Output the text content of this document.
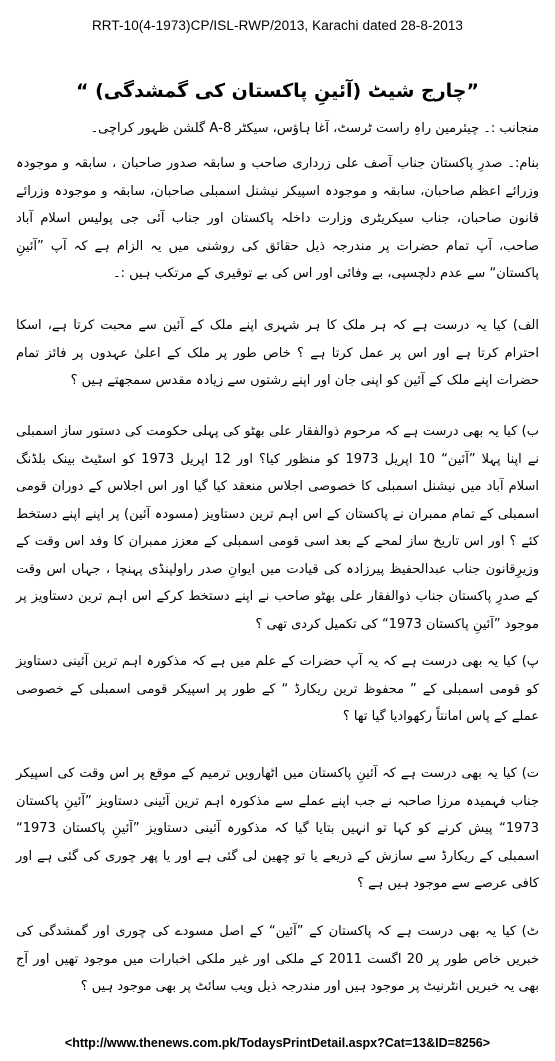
RRT-10(4-1973)CP/ISL-RWP/2013, Karachi dated 28-8-2013
”چارج شیٹ (آئینِ پاکستان کی گمشدگی) “
منجانب :۔ چیئرمین راہِ راست ٹرسٹ، آغا ہاؤس، سیکٹر 8-A گلشن ظہور کراچی۔
بنام:۔ صدرِ پاکستان جناب آصف علی زرداری صاحب و سابقہ صدور صاحبان ، سابقہ و موجودہ وزرائے اعظم صاحبان، سابقہ و موجودہ اسپیکر نیشنل اسمبلی صاحبان، سابقہ و موجودہ وزرائے قانون صاحبان، جناب سیکریٹری وزارت داخلہ پاکستان اور جناب آئی جی پولیس اسلام آباد صاحب، آپ تمام حضرات پر مندرجہ ذیل حقائق کی روشنی میں یہ الزام ہے کہ آپ ”آئینِ پاکستان“ سے عدم دلچسپی، بے وفائی اور اس کی بے توقیری کے مرتکب ہیں :۔
الف) کیا یہ درست ہے کہ ہر ملک کا ہر شہری اپنے ملک کے آئین سے محبت کرتا ہے، اسکا احترام کرتا ہے اور اس پر عمل کرتا ہے ؟ خاص طور پر ملک کے اعلیٰ عہدوں پر فائز تمام حضرات اپنے ملک کے آئین کو اپنی جان اور اپنے رشتوں سے زیادہ مقدس سمجھتے ہیں ؟
ب) کیا یہ بھی درست ہے کہ مرحوم ذوالفقار علی بھٹو کی پہلی حکومت کی دستور ساز اسمبلی نے اپنا پہلا ”آئین“ 10 اپریل 1973 کو منظور کیا؟ اور 12 اپریل 1973 کو اسٹیٹ بینک بلڈنگ اسلام آباد میں نیشنل اسمبلی کا خصوصی اجلاس منعقد کیا گیا اور اس اجلاس کے دوران قومی اسمبلی کے تمام ممبران نے پاکستان کے اس اہم ترین دستاویز (مسودہ آئین) پر اپنے اپنے دستخط کئے ؟ اور اس تاریخ ساز لمحے کے بعد اسی قومی اسمبلی کے معزز ممبران کا وفد اس وقت کے وزیرِقانون جناب عبدالحفیظ پیرزادہ کی قیادت میں ایوانِ صدر راولپنڈی پہنچا ، جہاں اس وقت کے صدرِ پاکستان جناب ذوالفقار علی بھٹو صاحب نے اپنے دستخط کرکے اس اہم ترین دستاویز پر موجود ”آئینِ پاکستان 1973“ کی تکمیل کردی تھی ؟
پ) کیا یہ بھی درست ہے کہ یہ آپ حضرات کے علم میں ہے کہ مذکورہ اہم ترین آئینی دستاویز کو قومی اسمبلی کے ” محفوظ ترین ریکارڈ “ کے طور پر اسپیکر قومی اسمبلی کے خصوصی عملے کے پاس امانتاً رکھوادیا گیا تھا ؟
ت) کیا یہ بھی درست ہے کہ آئینِ پاکستان میں اٹھارویں ترمیم کے موقع پر اس وقت کی اسپیکر جناب فہمیدہ مرزا صاحبہ نے جب اپنے عملے سے مذکورہ اہم ترین آئینی دستاویز ”آئینِ پاکستان 1973“ پیش کرنے کو کہا تو انہیں بتایا گیا کہ مذکورہ آئینی دستاویز ”آئینِ پاکستان 1973“ اسمبلی کے ریکارڈ سے سازش کے ذریعے یا تو چھین لی گئی ہے اور یا پھر چوری کی گئی ہے اور کافی عرصے سے موجود ہیں ہے ؟
ٹ) کیا یہ بھی درست ہے کہ پاکستان کے ”آئین“ کے اصل مسودے کی چوری اور گمشدگی کی خبریں خاص طور پر 20 اگست 2011 کے ملکی اور غیر ملکی اخبارات میں موجود تھیں اور آج بھی یہ خبریں انٹرنیٹ پر موجود ہیں اور مندرجہ ذیل ویب سائٹ پر بھی موجود ہیں ؟
<http://www.thenews.com.pk/TodaysPrintDetail.aspx?Cat=13&ID=8256>
